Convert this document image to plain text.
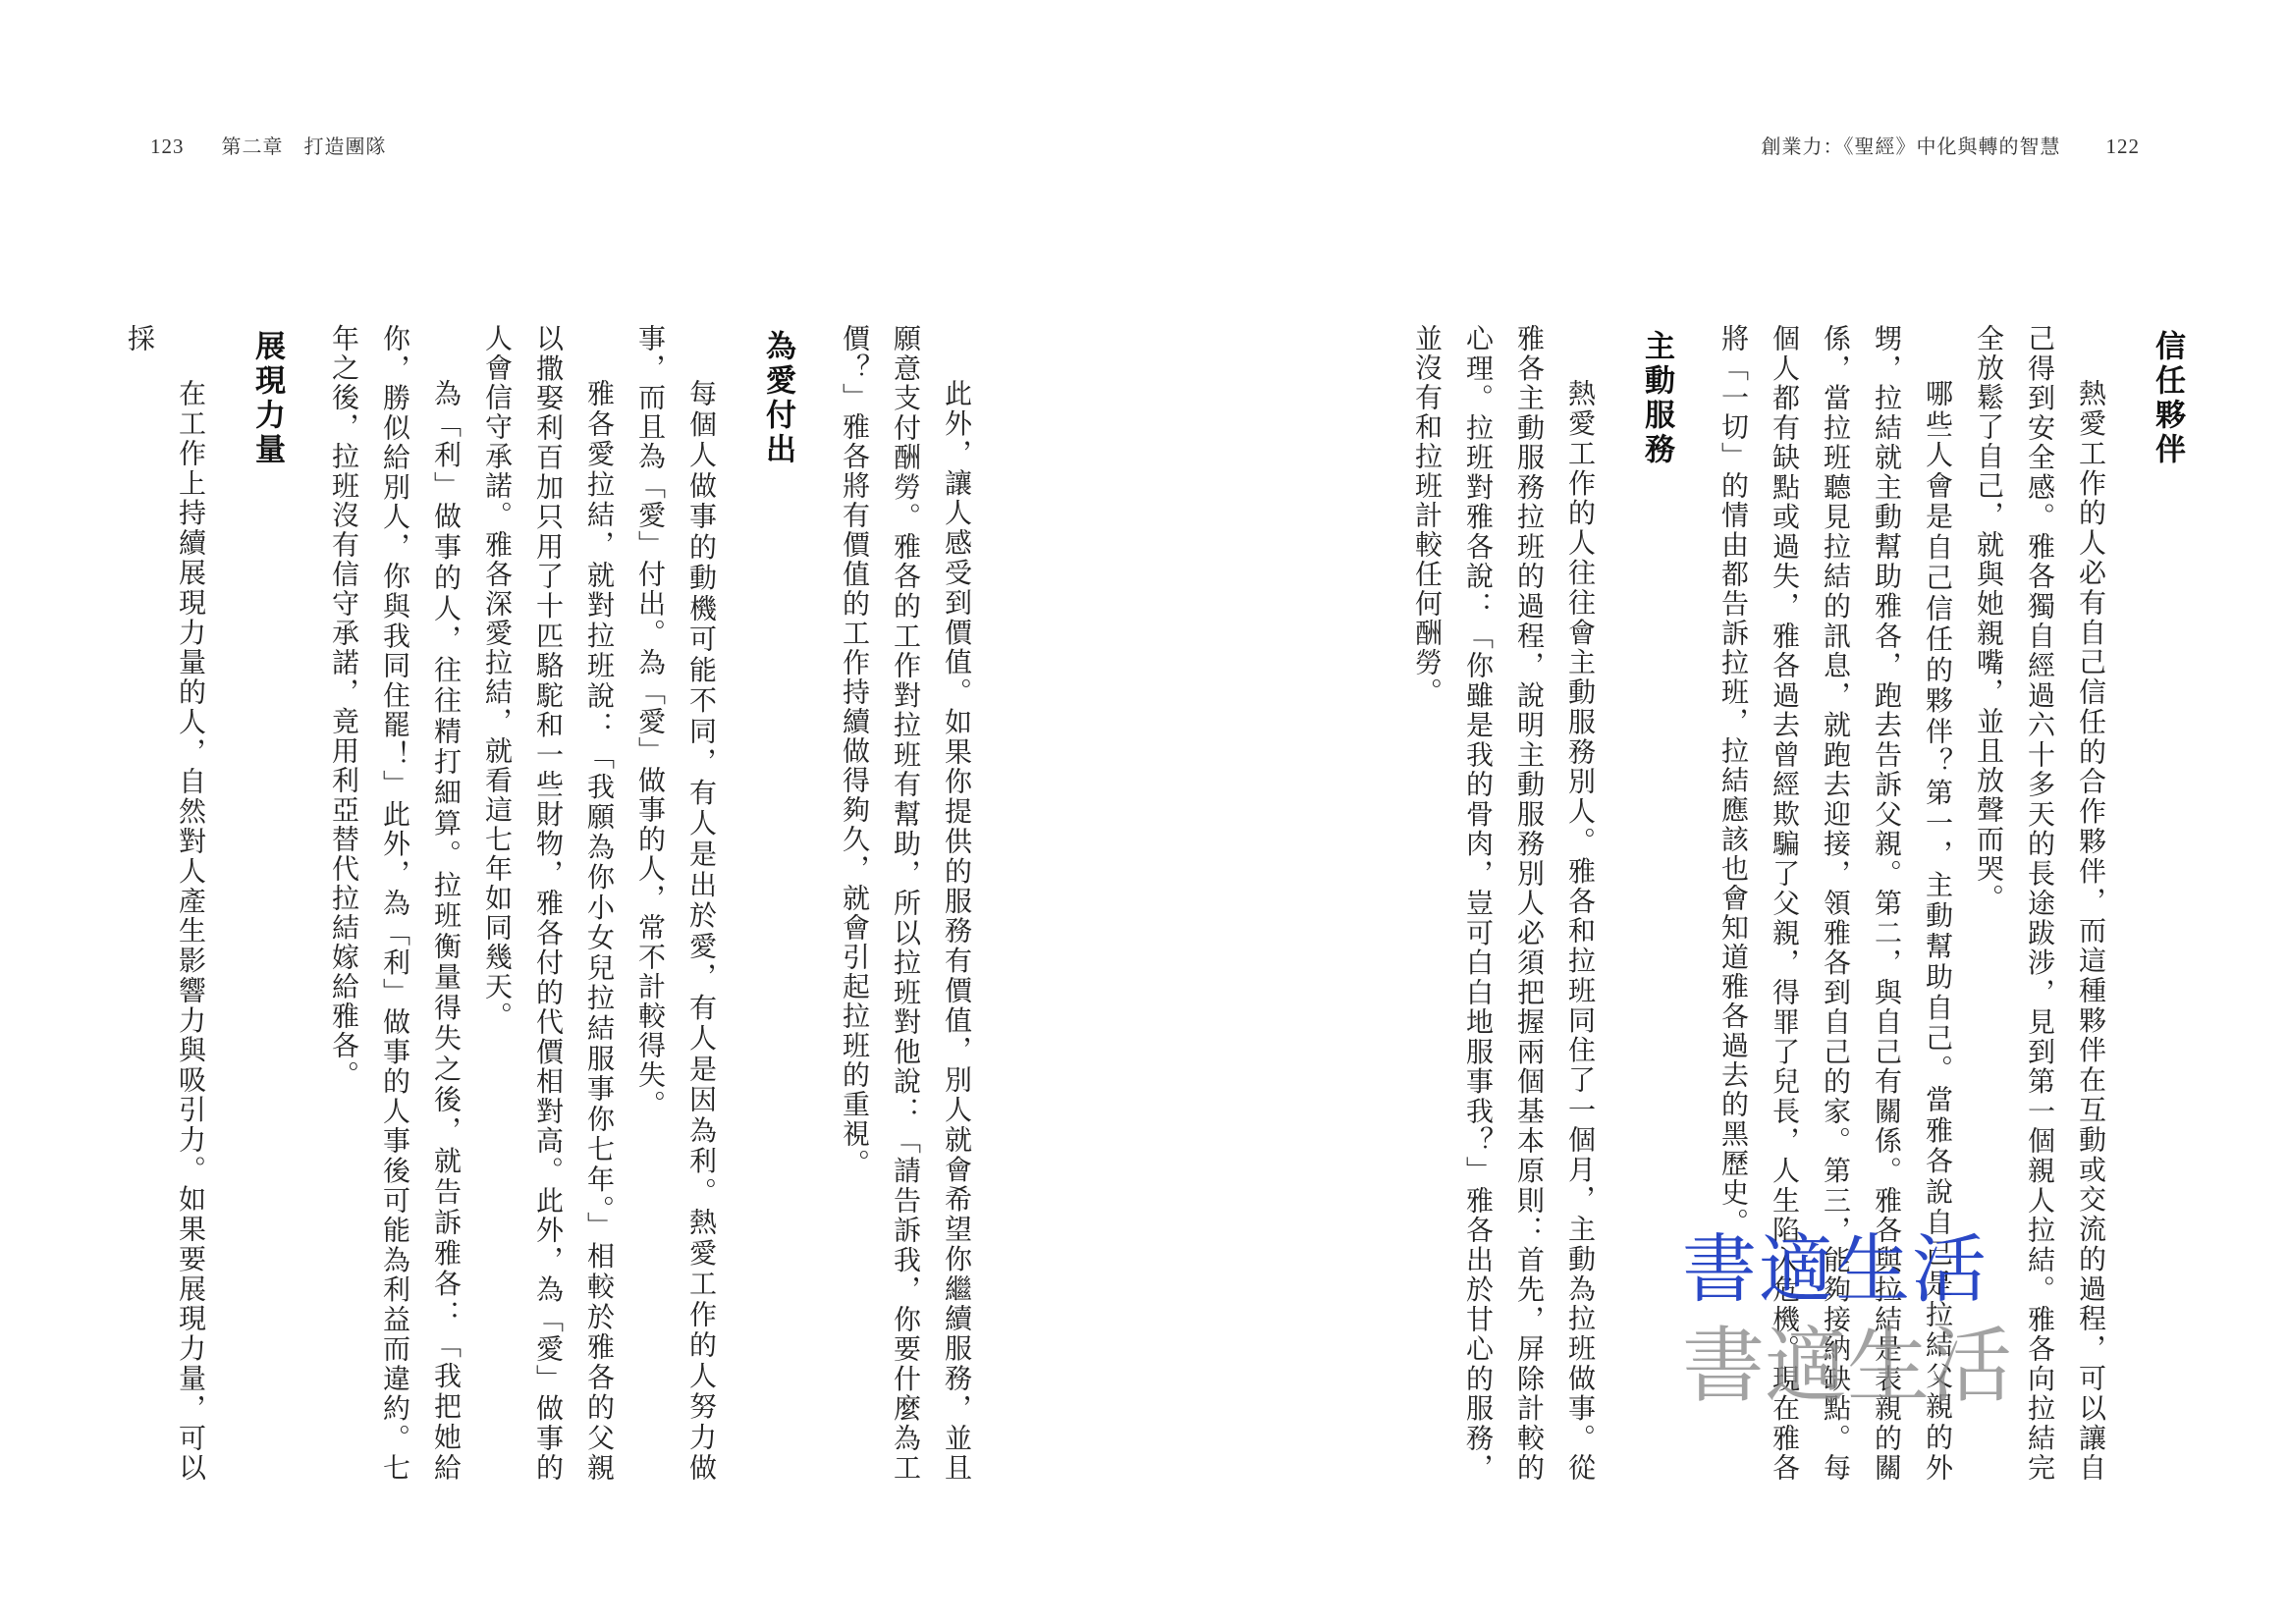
創業力：《聖經》中化與轉的智慧 122
信任夥伴

熱愛工作的人必有自己信任的合作夥伴，而這種夥伴在互動或交流的過程，可以讓自己得到安全感。雅各獨自經過六十多天的長途跋涉，見到第一個親人拉結。雅各向拉結完全放鬆了自己，就與她親嘴，並且放聲而哭。

哪些人會是自己信任的夥伴？第一，主動幫助自己。當雅各說自己是拉結父親的外甥，拉結就主動幫助雅各，跑去告訴父親。第二，與自己有關係。雅各與拉結是表親的關係，當拉班聽見拉結的訊息，就跑去迎接，領雅各到自己的家。第三，能夠接納缺點。每個人都有缺點或過失，雅各過去曾經欺騙了父親，得罪了兒長，人生陷入危機。現在雅各將「一切」的情由都告訴拉班，拉結應該也會知道雅各過去的黑歷史。

主動服務

熱愛工作的人往往會主動服務別人。雅各和拉班同住了一個月，主動為拉班做事。從雅各主動服務拉班的過程，說明主動服務別人必須把握兩個基本原則：首先，屏除計較的心理。拉班對雅各說：「你雖是我的骨肉，豈可白白地服事我？」雅各出於甘心的服務，並沒有和拉班計較任何酬勞。

123 第二章　打造團隊

此外，讓人感受到價值。如果你提供的服務有價值，別人就會希望你繼續服務，並且願意支付酬勞。雅各的工作對拉班有幫助，所以拉班對他說：「請告訴我，你要什麼為工價？」雅各將有價值的工作持續做得夠久，就會引起拉班的重視。

為愛付出

每個人做事的動機可能不同，有人是出於愛，有人是因為利。熱愛工作的人努力做事，而且為「愛」付出。為「愛」做事的人，常不計較得失。

雅各愛拉結，就對拉班說：「我願為你小女兒拉結服事你七年。」相較於雅各的父親以撒娶利百加只用了十匹駱駝和一些財物，雅各付的代價相對高。此外，為「愛」做事的人會信守承諾。雅各深愛拉結，就看這七年如同幾天。

為「利」做事的人，往往精打細算。拉班衡量得失之後，就告訴雅各：「我把她給你，勝似給別人，你與我同住罷！」此外，為「利」做事的人事後可能為利益而違約。七年之後，拉班沒有信守承諾，竟用利亞替代拉結嫁給雅各。

展現力量

在工作上持續展現力量的人，自然對人產生影響力與吸引力。如果要展現力量，可以採

書適生活
書適生活
